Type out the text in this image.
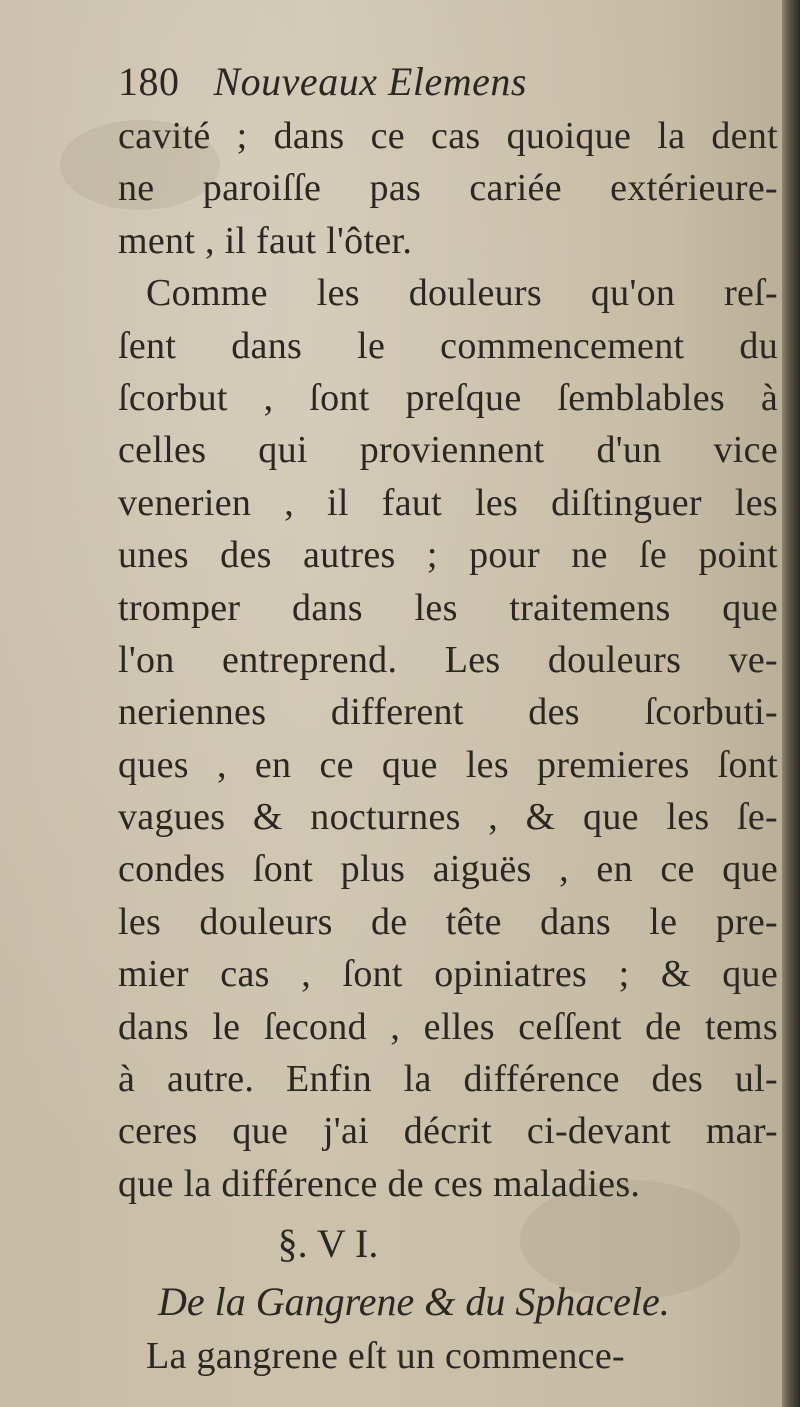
180 Nouveaux Elemens
cavité ; dans ce cas quoique la dent
ne paroiſſe pas cariée extérieure-
ment , il faut l'ôter.
Comme les douleurs qu'on reſ-
ſent dans le commencement du
ſcorbut , ſont preſque ſemblables à
celles qui proviennent d'un vice
venerien , il faut les diſtinguer les
unes des autres ; pour ne ſe point
tromper dans les traitemens que
l'on entreprend. Les douleurs ve-
neriennes different des ſcorbuti-
ques , en ce que les premieres ſont
vagues & nocturnes , & que les ſe-
condes ſont plus aiguës , en ce que
les douleurs de tête dans le pre-
mier cas , ſont opiniatres ; & que
dans le ſecond , elles ceſſent de tems
à autre. Enfin la différence des ul-
ceres que j'ai décrit ci-devant mar-
que la différence de ces maladies.
§. V I.
De la Gangrene & du Sphacele.
La gangrene eſt un commence-
